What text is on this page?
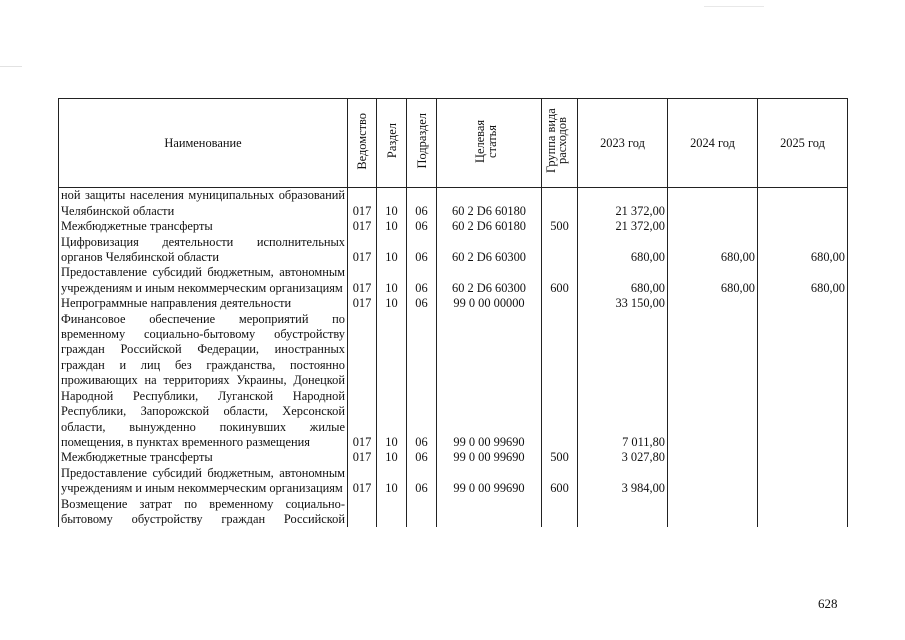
Наименование	Ведомство	Раздел	Подраздел	Целевая статья	Группа вида расходов	2023 год	2024 год	2025 год
ной защиты населения муниципальных образований Челябинской области	017	10	06	60 2 D6 60180		21 372,00		
Межбюджетные трансферты	017	10	06	60 2 D6 60180	500	21 372,00		
Цифровизация деятельности исполнительных органов Челябинской области	017	10	06	60 2 D6 60300		680,00	680,00	680,00
Предоставление субсидий бюджетным, автономным учреждениям и иным некоммерческим организациям	017	10	06	60 2 D6 60300	600	680,00	680,00	680,00
Непрограммные направления деятельности	017	10	06	99 0 00 00000		33 150,00		
Финансовое обеспечение мероприятий по временному социально-бытовому обустройству граждан Российской Федерации, иностранных граждан и лиц без гражданства, постоянно проживающих на территориях Украины, Донецкой Народной Республики, Луганской Народной Республики, Запорожской области, Херсонской области, вынужденно покинувших жилые помещения, в пунктах временного размещения	017	10	06	99 0 00 99690		7 011,80		
Межбюджетные трансферты	017	10	06	99 0 00 99690	500	3 027,80		
Предоставление субсидий бюджетным, автономным учреждениям и иным некоммерческим организациям	017	10	06	99 0 00 99690	600	3 984,00		
Возмещение затрат по временному социально-бытовому обустройству граждан Российской								
628
